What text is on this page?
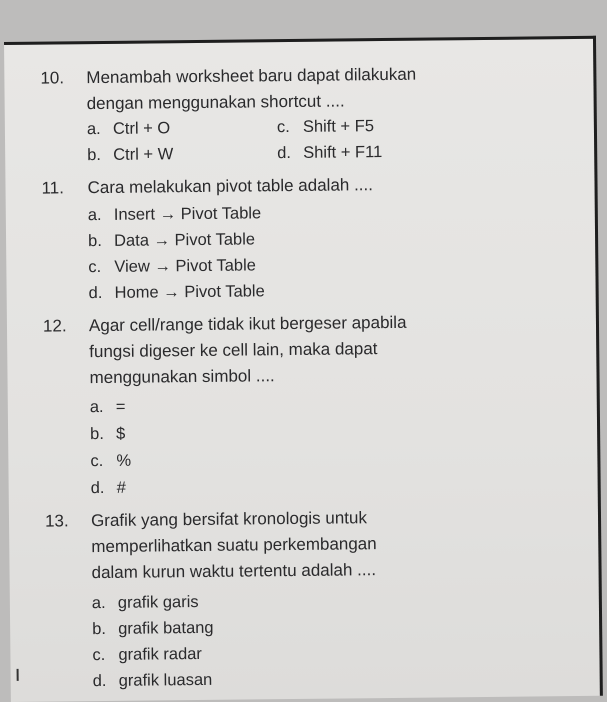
10. Menambah worksheet baru dapat dilakukan
dengan menggunakan shortcut ....
a. Ctrl + O
b. Ctrl + W
c. Shift + F5
d. Shift + F11
11. Cara melakukan pivot table adalah ....
a. Insert → Pivot Table
b. Data → Pivot Table
c. View → Pivot Table
d. Home → Pivot Table
12. Agar cell/range tidak ikut bergeser apabila
fungsi digeser ke cell lain, maka dapat
menggunakan simbol ....
a. =
b. $
c. %
d. #
13. Grafik yang bersifat kronologis untuk
memperlihatkan suatu perkembangan
dalam kurun waktu tertentu adalah ....
a. grafik garis
b. grafik batang
c. grafik radar
d. grafik luasan
